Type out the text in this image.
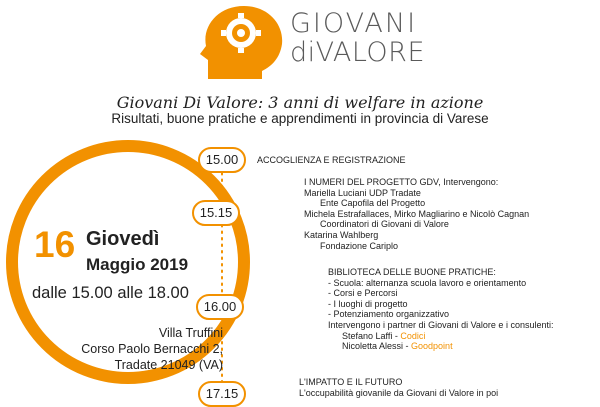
GIOVANI
diVALORE
Giovani Di Valore: 3 anni di welfare in azione
Risultati, buone pratiche e apprendimenti in provincia di Varese
16 Giovedì
Maggio 2019
dalle 15.00 alle 18.00
Villa Truffini
Corso Paolo Bernacchi 2,
Tradate 21049 (VA)
15.00
15.15
16.00
17.15
ACCOGLIENZA E REGISTRAZIONE
I NUMERI DEL PROGETTO GDV, Intervengono:
Mariella Luciani UDP Tradate
Ente Capofila del Progetto
Michela Estrafallaces, Mirko Magliarino e Nicolò Cagnan
Coordinatori di Giovani di Valore
Katarina Wahlberg
Fondazione Cariplo
BIBLIOTECA DELLE BUONE PRATICHE:
- Scuola: alternanza scuola lavoro e orientamento
- Corsi e Percorsi
- I luoghi di progetto
- Potenziamento organizzativo
Intervengono i partner di Giovani di Valore e i consulenti:
Stefano Laffi - Codici
Nicoletta Alessi - Goodpoint
L'IMPATTO E IL FUTURO
L'occupabilità giovanile da Giovani di Valore in poi
